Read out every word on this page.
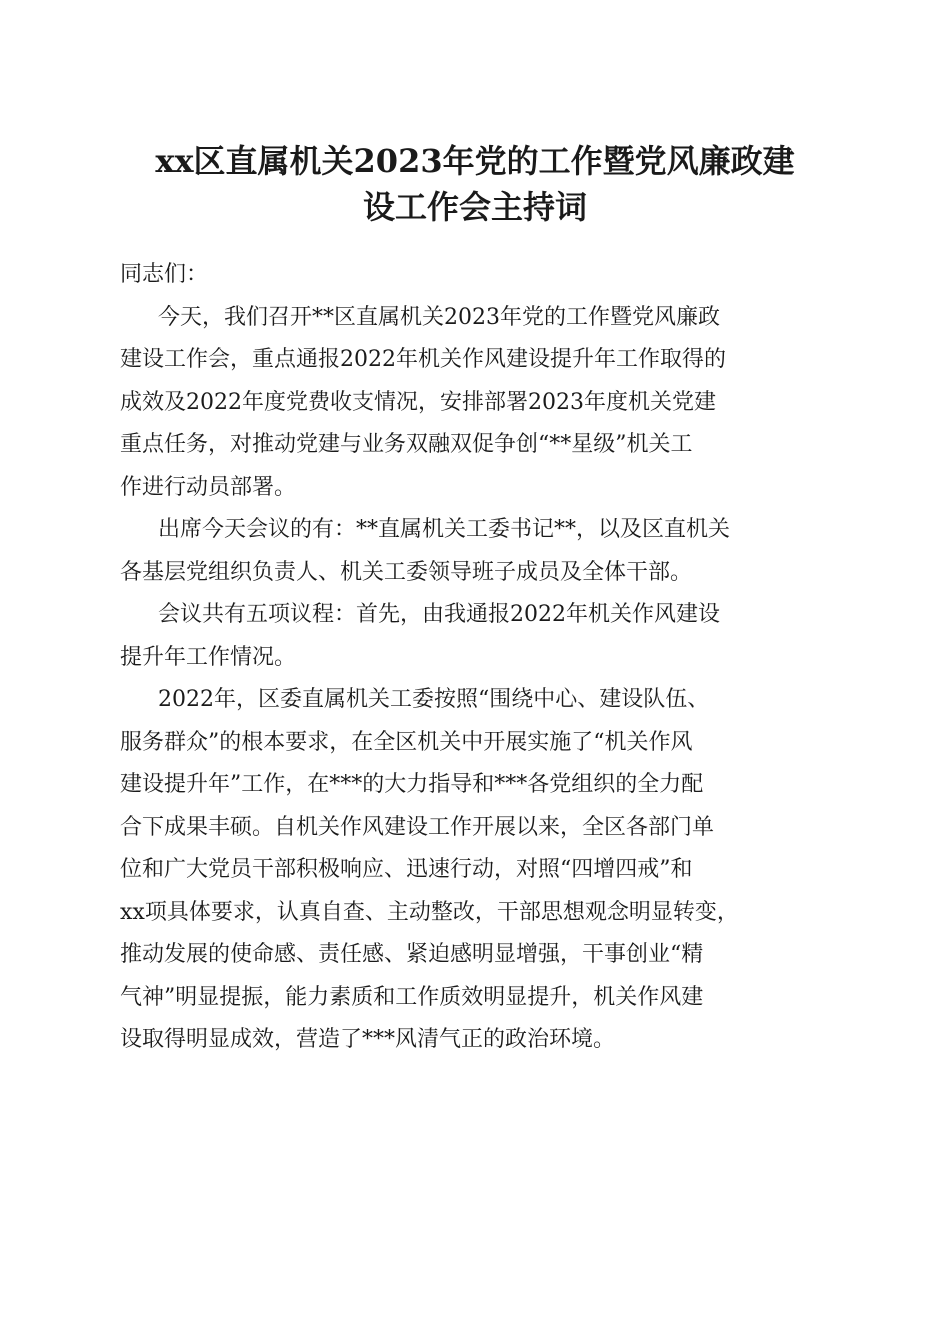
xx区直属机关2023年党的工作暨党风廉政建
设工作会主持词

同志们：

今天，我们召开**区直属机关2023年党的工作暨党风廉政
建设工作会，重点通报2022年机关作风建设提升年工作取得的
成效及2022年度党费收支情况，安排部署2023年度机关党建
重点任务，对推动党建与业务双融双促争创“**星级”机关工
作进行动员部署。

出席今天会议的有：**直属机关工委书记**，以及区直机关
各基层党组织负责人、机关工委领导班子成员及全体干部。

会议共有五项议程：首先，由我通报2022年机关作风建设
提升年工作情况。

2022年，区委直属机关工委按照“围绕中心、建设队伍、
服务群众”的根本要求，在全区机关中开展实施了“机关作风
建设提升年”工作，在***的大力指导和***各党组织的全力配
合下成果丰硕。自机关作风建设工作开展以来，全区各部门单
位和广大党员干部积极响应、迅速行动，对照“四增四戒”和
xx项具体要求，认真自查、主动整改，干部思想观念明显转变，
推动发展的使命感、责任感、紧迫感明显增强，干事创业“精
气神”明显提振，能力素质和工作质效明显提升，机关作风建
设取得明显成效，营造了***风清气正的政治环境。
